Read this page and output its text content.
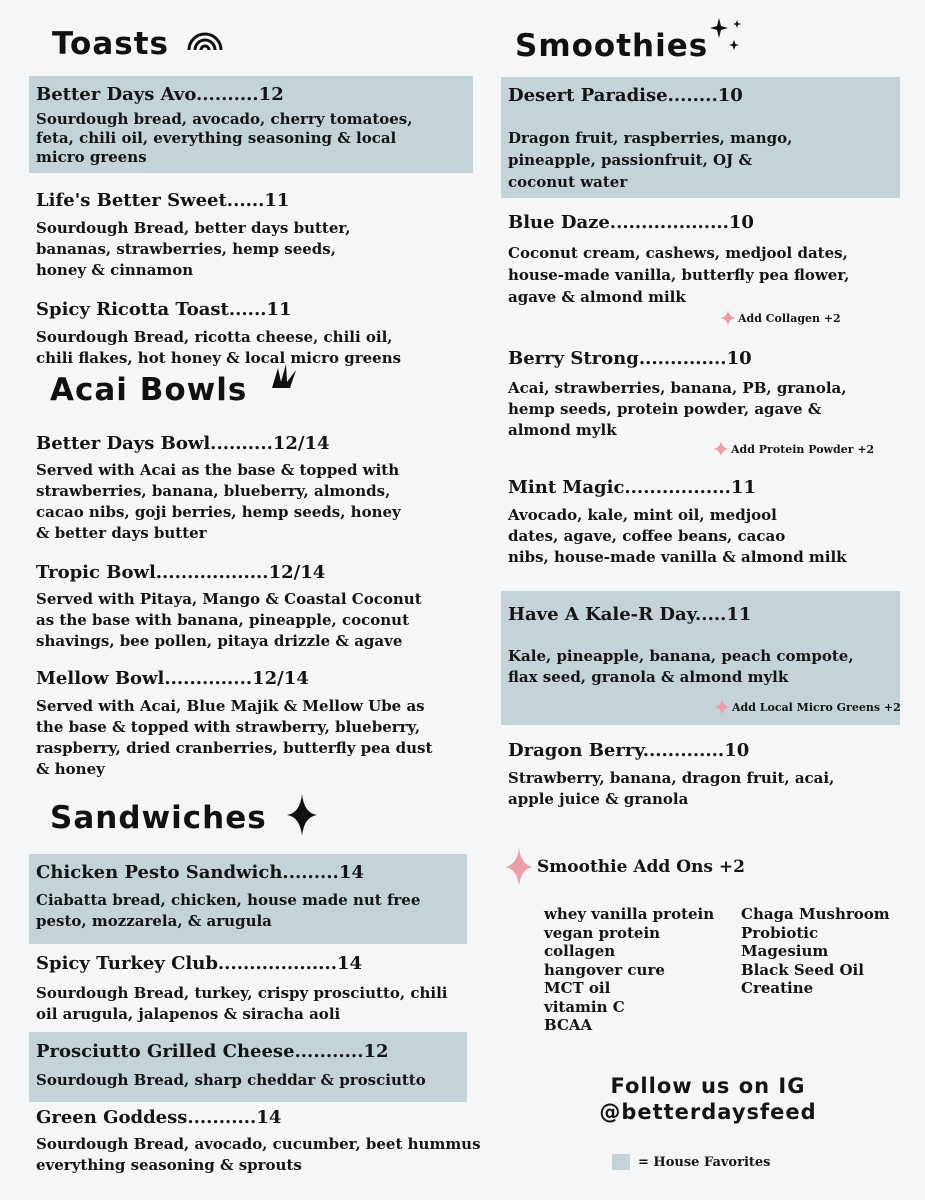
Toasts
Better Days Avo..........12
Sourdough bread, avocado, cherry tomatoes,
feta, chili oil, everything seasoning & local
micro greens
Life's Better Sweet......11
Sourdough Bread, better days butter,
bananas, strawberries, hemp seeds,
honey & cinnamon
Spicy Ricotta Toast......11
Sourdough Bread, ricotta cheese, chili oil,
chili flakes, hot honey & local micro greens
Acai Bowls
Better Days Bowl..........12/14
Served with Acai as the base & topped with
strawberries, banana, blueberry, almonds,
cacao nibs, goji berries, hemp seeds, honey
& better days butter
Tropic Bowl..................12/14
Served with Pitaya, Mango & Coastal Coconut
as the base with banana, pineapple, coconut
shavings, bee pollen, pitaya drizzle & agave
Mellow Bowl..............12/14
Served with Acai, Blue Majik & Mellow Ube as
the base & topped with strawberry, blueberry,
raspberry, dried cranberries, butterfly pea dust
& honey
Sandwiches
Chicken Pesto Sandwich.........14
Ciabatta bread, chicken, house made nut free
pesto, mozzarela, & arugula
Spicy Turkey Club...................14
Sourdough Bread, turkey, crispy prosciutto, chili
oil arugula, jalapenos & siracha aoli
Prosciutto Grilled Cheese...........12
Sourdough Bread, sharp cheddar & prosciutto
Green Goddess...........14
Sourdough Bread, avocado, cucumber, beet hummus
everything seasoning & sprouts
Smoothies
Desert Paradise........10
Dragon fruit, raspberries, mango,
pineapple, passionfruit, OJ &
coconut water
Blue Daze...................10
Coconut cream, cashews, medjool dates,
house-made vanilla, butterfly pea flower,
agave & almond milk
Add Collagen +2
Berry Strong..............10
Acai, strawberries, banana, PB, granola,
hemp seeds, protein powder, agave &
almond mylk
Add Protein Powder +2
Mint Magic.................11
Avocado, kale, mint oil, medjool
dates, agave, coffee beans, cacao
nibs, house-made vanilla & almond milk
Have A Kale-R Day.....11
Kale, pineapple, banana, peach compote,
flax seed, granola & almond mylk
Add Local Micro Greens +2
Dragon Berry.............10
Strawberry, banana, dragon fruit, acai,
apple juice & granola
Smoothie Add Ons +2
whey vanilla protein
vegan protein
collagen
hangover cure
MCT oil
vitamin C
BCAA
Chaga Mushroom
Probiotic
Magesium
Black Seed Oil
Creatine
Follow us on IG
@betterdaysfeed
= House Favorites
